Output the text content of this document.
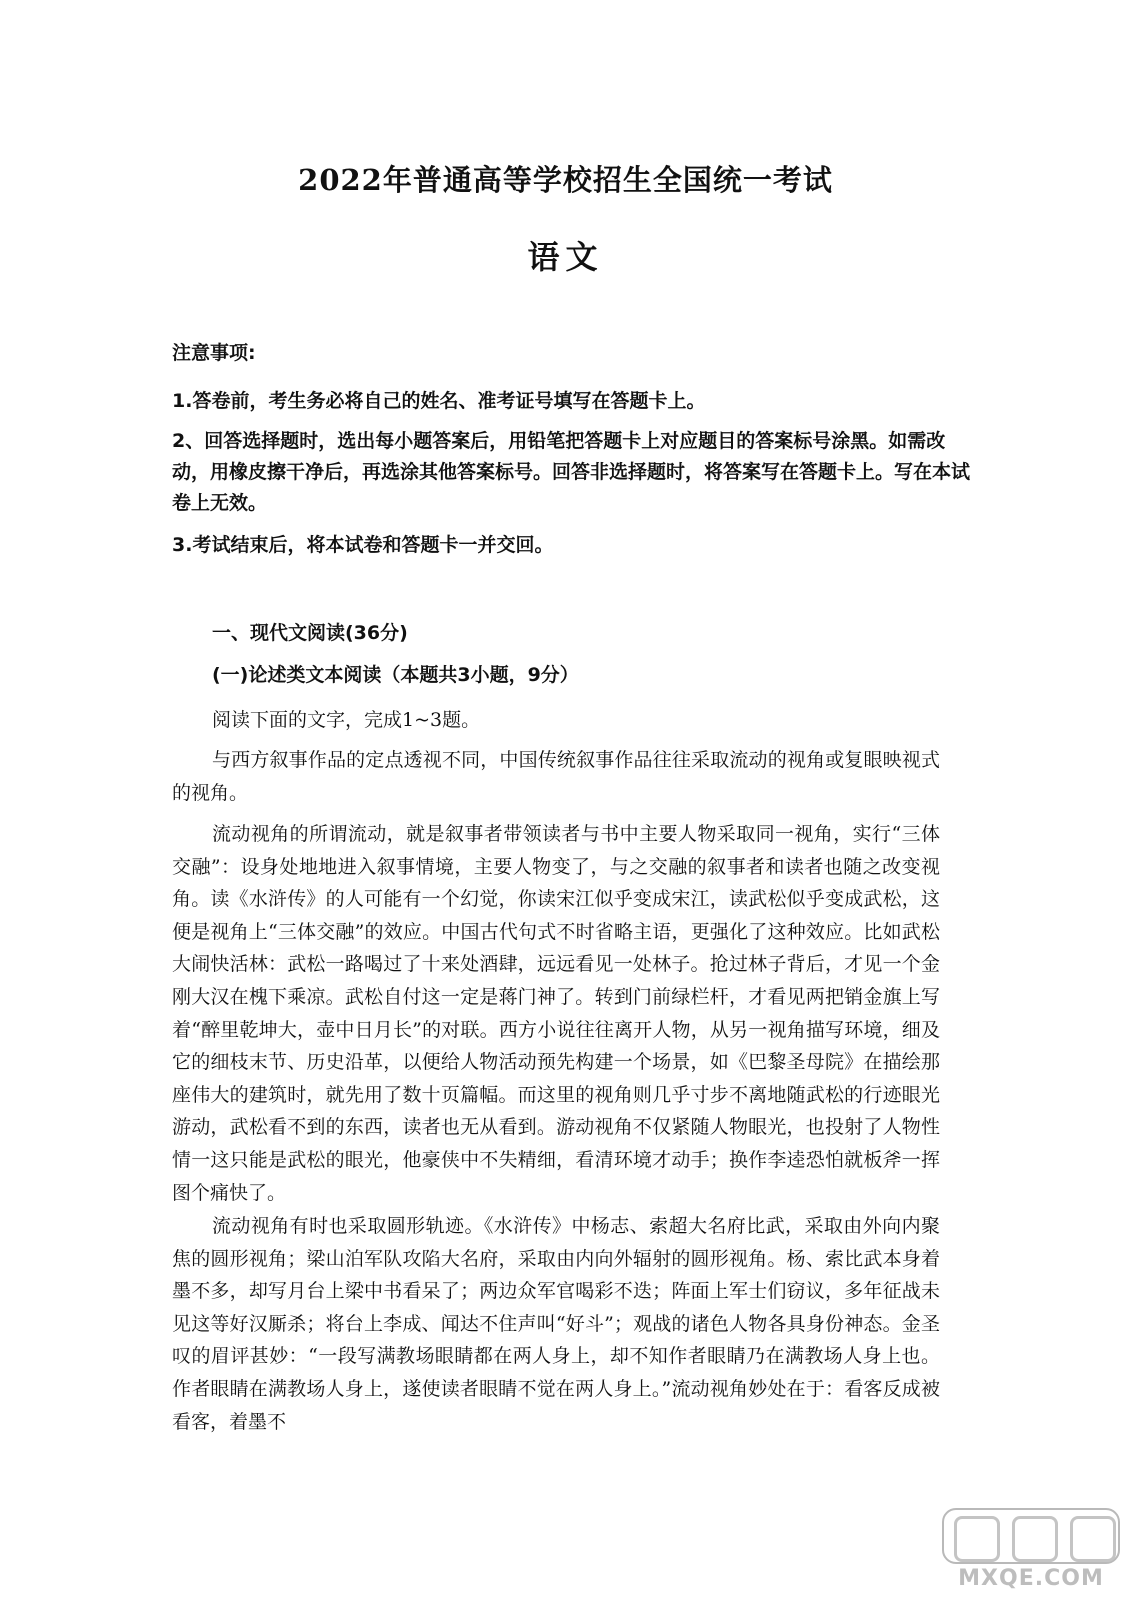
2022年普通高等学校招生全国统一考试
语文
注意事项:
1.答卷前，考生务必将自己的姓名、准考证号填写在答题卡上。
2、回答选择题时，选出每小题答案后，用铅笔把答题卡上对应题目的答案标号涂黑。如需改动，用橡皮擦干净后，再选涂其他答案标号。回答非选择题时，将答案写在答题卡上。写在本试卷上无效。
3.考试结束后，将本试卷和答题卡一并交回。
一、现代文阅读(36分)
(一)论述类文本阅读（本题共3小题，9分）
阅读下面的文字，完成1~3题。
与西方叙事作品的定点透视不同，中国传统叙事作品往往采取流动的视角或复眼映视式的视角。
流动视角的所谓流动，就是叙事者带领读者与书中主要人物采取同一视角，实行“三体交融”：设身处地地进入叙事情境，主要人物变了，与之交融的叙事者和读者也随之改变视角。读《水浒传》的人可能有一个幻觉，你读宋江似乎变成宋江，读武松似乎变成武松，这便是视角上“三体交融”的效应。中国古代句式不时省略主语，更强化了这种效应。比如武松大闹快活林：武松一路喝过了十来处酒肆，远远看见一处林子。抢过林子背后，才见一个金刚大汉在槐下乘凉。武松自付这一定是蒋门神了。转到门前绿栏杆，才看见两把销金旗上写着“醉里乾坤大，壶中日月长”的对联。西方小说往往离开人物，从另一视角描写环境，细及它的细枝末节、历史沿革，以便给人物活动预先构建一个场景，如《巴黎圣母院》在描绘那座伟大的建筑时，就先用了数十页篇幅。而这里的视角则几乎寸步不离地随武松的行迹眼光游动，武松看不到的东西，读者也无从看到。游动视角不仅紧随人物眼光，也投射了人物性情一这只能是武松的眼光，他豪侠中不失精细，看清环境才动手；换作李逵恐怕就板斧一挥图个痛快了。
流动视角有时也采取圆形轨迹。《水浒传》中杨志、索超大名府比武，采取由外向内聚焦的圆形视角；梁山泊军队攻陷大名府，采取由内向外辐射的圆形视角。杨、索比武本身着墨不多，却写月台上梁中书看呆了；两边众军官喝彩不迭；阵面上军士们窃议，多年征战未见这等好汉厮杀；将台上李成、闻达不住声叫“好斗”；观战的诸色人物各具身份神态。金圣叹的眉评甚妙：“一段写满教场眼睛都在两人身上，却不知作者眼睛乃在满教场人身上也。作者眼睛在满教场人身上，遂使读者眼睛不觉在两人身上。”流动视角妙处在于：看客反成被看客，着墨不
MXQE.COM
